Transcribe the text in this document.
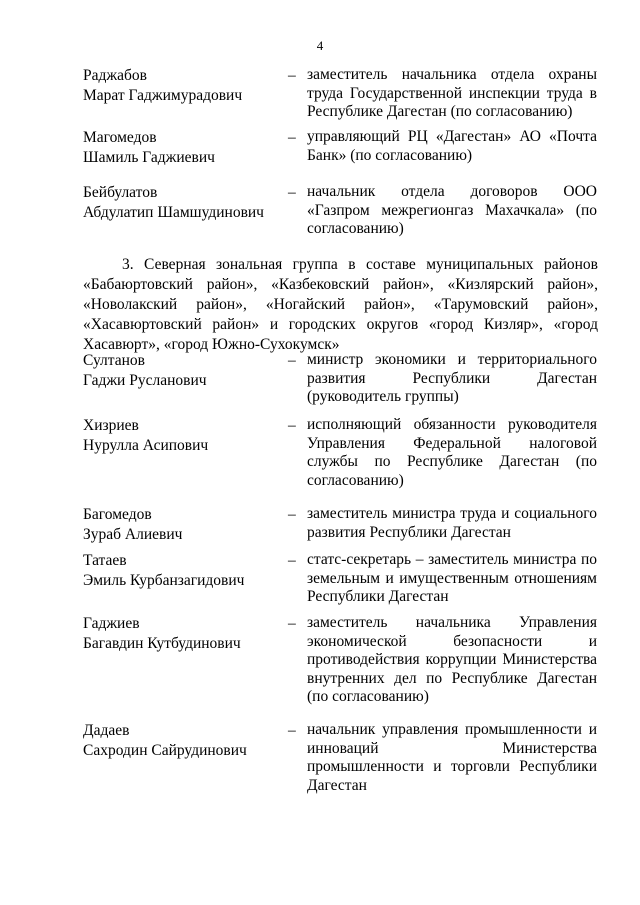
4
Раджабов
Марат Гаджимурадович
– заместитель начальника отдела охраны труда Государственной инспекции труда в Республике Дагестан (по согласованию)
Магомедов
Шамиль Гаджиевич
– управляющий РЦ «Дагестан» АО «Почта Банк» (по согласованию)
Бейбулатов
Абдулатип Шамшудинович
– начальник отдела договоров ООО «Газпром межрегионгаз Махачкала» (по согласованию)
3. Северная зональная группа в составе муниципальных районов «Бабаюртовский район», «Казбековский район», «Кизлярский район», «Новолакский район», «Ногайский район», «Тарумовский район», «Хасавюртовский район» и городских округов «город Кизляр», «город Хасавюрт», «город Южно-Сухокумск»
Султанов
Гаджи Русланович
– министр экономики и территориального развития Республики Дагестан (руководитель группы)
Хизриев
Нурулла Асипович
– исполняющий обязанности руководителя Управления Федеральной налоговой службы по Республике Дагестан (по согласованию)
Багомедов
Зураб Алиевич
– заместитель министра труда и социального развития Республики Дагестан
Татаев
Эмиль Курбанзагидович
– статс-секретарь – заместитель министра по земельным и имущественным отношениям Республики Дагестан
Гаджиев
Багавдин Кутбудинович
– заместитель начальника Управления экономической безопасности и противодействия коррупции Министерства внутренних дел по Республике Дагестан (по согласованию)
Дадаев
Сахродин Сайрудинович
– начальник управления промышленности и инноваций Министерства промышленности и торговли Республики Дагестан
